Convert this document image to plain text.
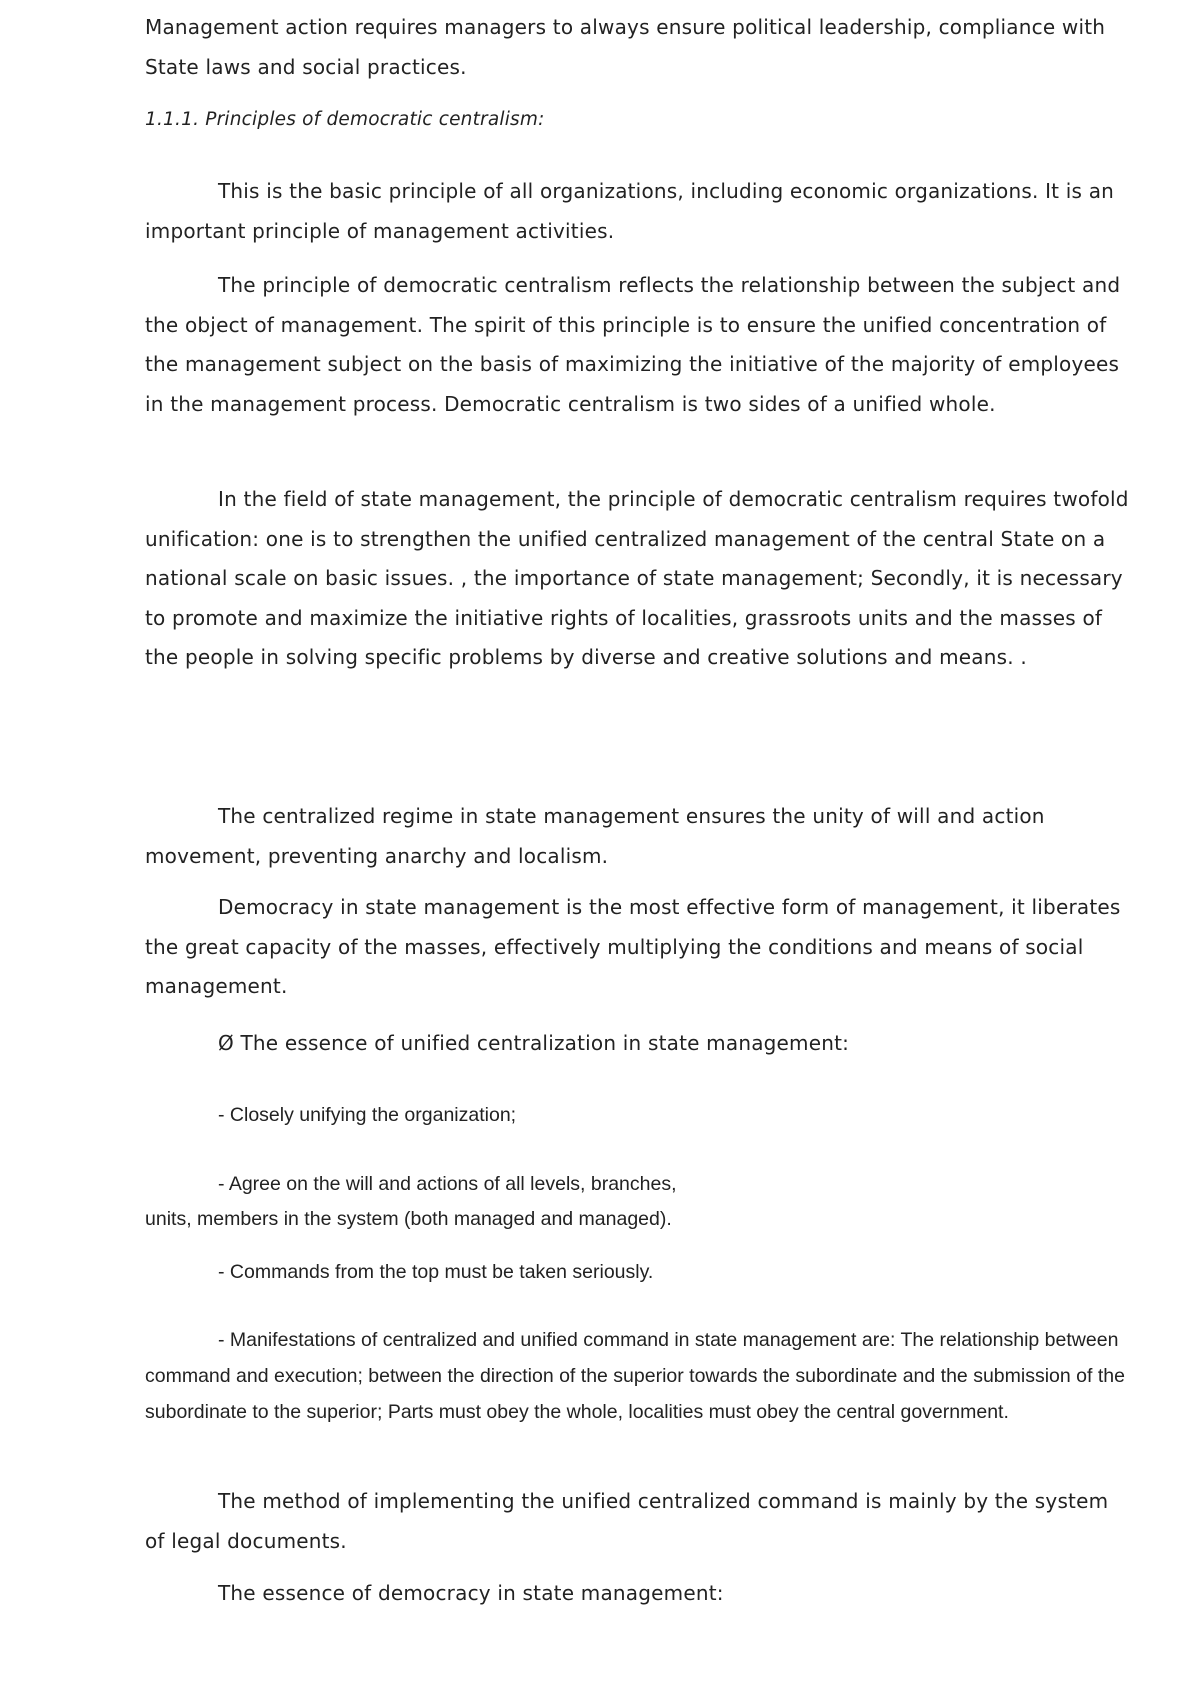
Management action requires managers to always ensure political leadership, compliance with State laws and social practices.

1.1.1. Principles of democratic centralism:

This is the basic principle of all organizations, including economic organizations. It is an important principle of management activities.

The principle of democratic centralism reflects the relationship between the subject and the object of management. The spirit of this principle is to ensure the unified concentration of the management subject on the basis of maximizing the initiative of the majority of employees in the management process. Democratic centralism is two sides of a unified whole.

In the field of state management, the principle of democratic centralism requires twofold unification: one is to strengthen the unified centralized management of the central State on a national scale on basic issues. , the importance of state management; Secondly, it is necessary to promote and maximize the initiative rights of localities, grassroots units and the masses of the people in solving specific problems by diverse and creative solutions and means. .

The centralized regime in state management ensures the unity of will and action movement, preventing anarchy and localism.

Democracy in state management is the most effective form of management, it liberates the great capacity of the masses, effectively multiplying the conditions and means of social management.

Ø The essence of unified centralization in state management:

- Closely unifying the organization;

- Agree on the will and actions of all levels, branches,

units, members in the system (both managed and managed).

- Commands from the top must be taken seriously.

- Manifestations of centralized and unified command in state management are: The relationship between command and execution; between the direction of the superior towards the subordinate and the submission of the subordinate to the superior; Parts must obey the whole, localities must obey the central government.

The method of implementing the unified centralized command is mainly by the system of legal documents.

The essence of democracy in state management:
